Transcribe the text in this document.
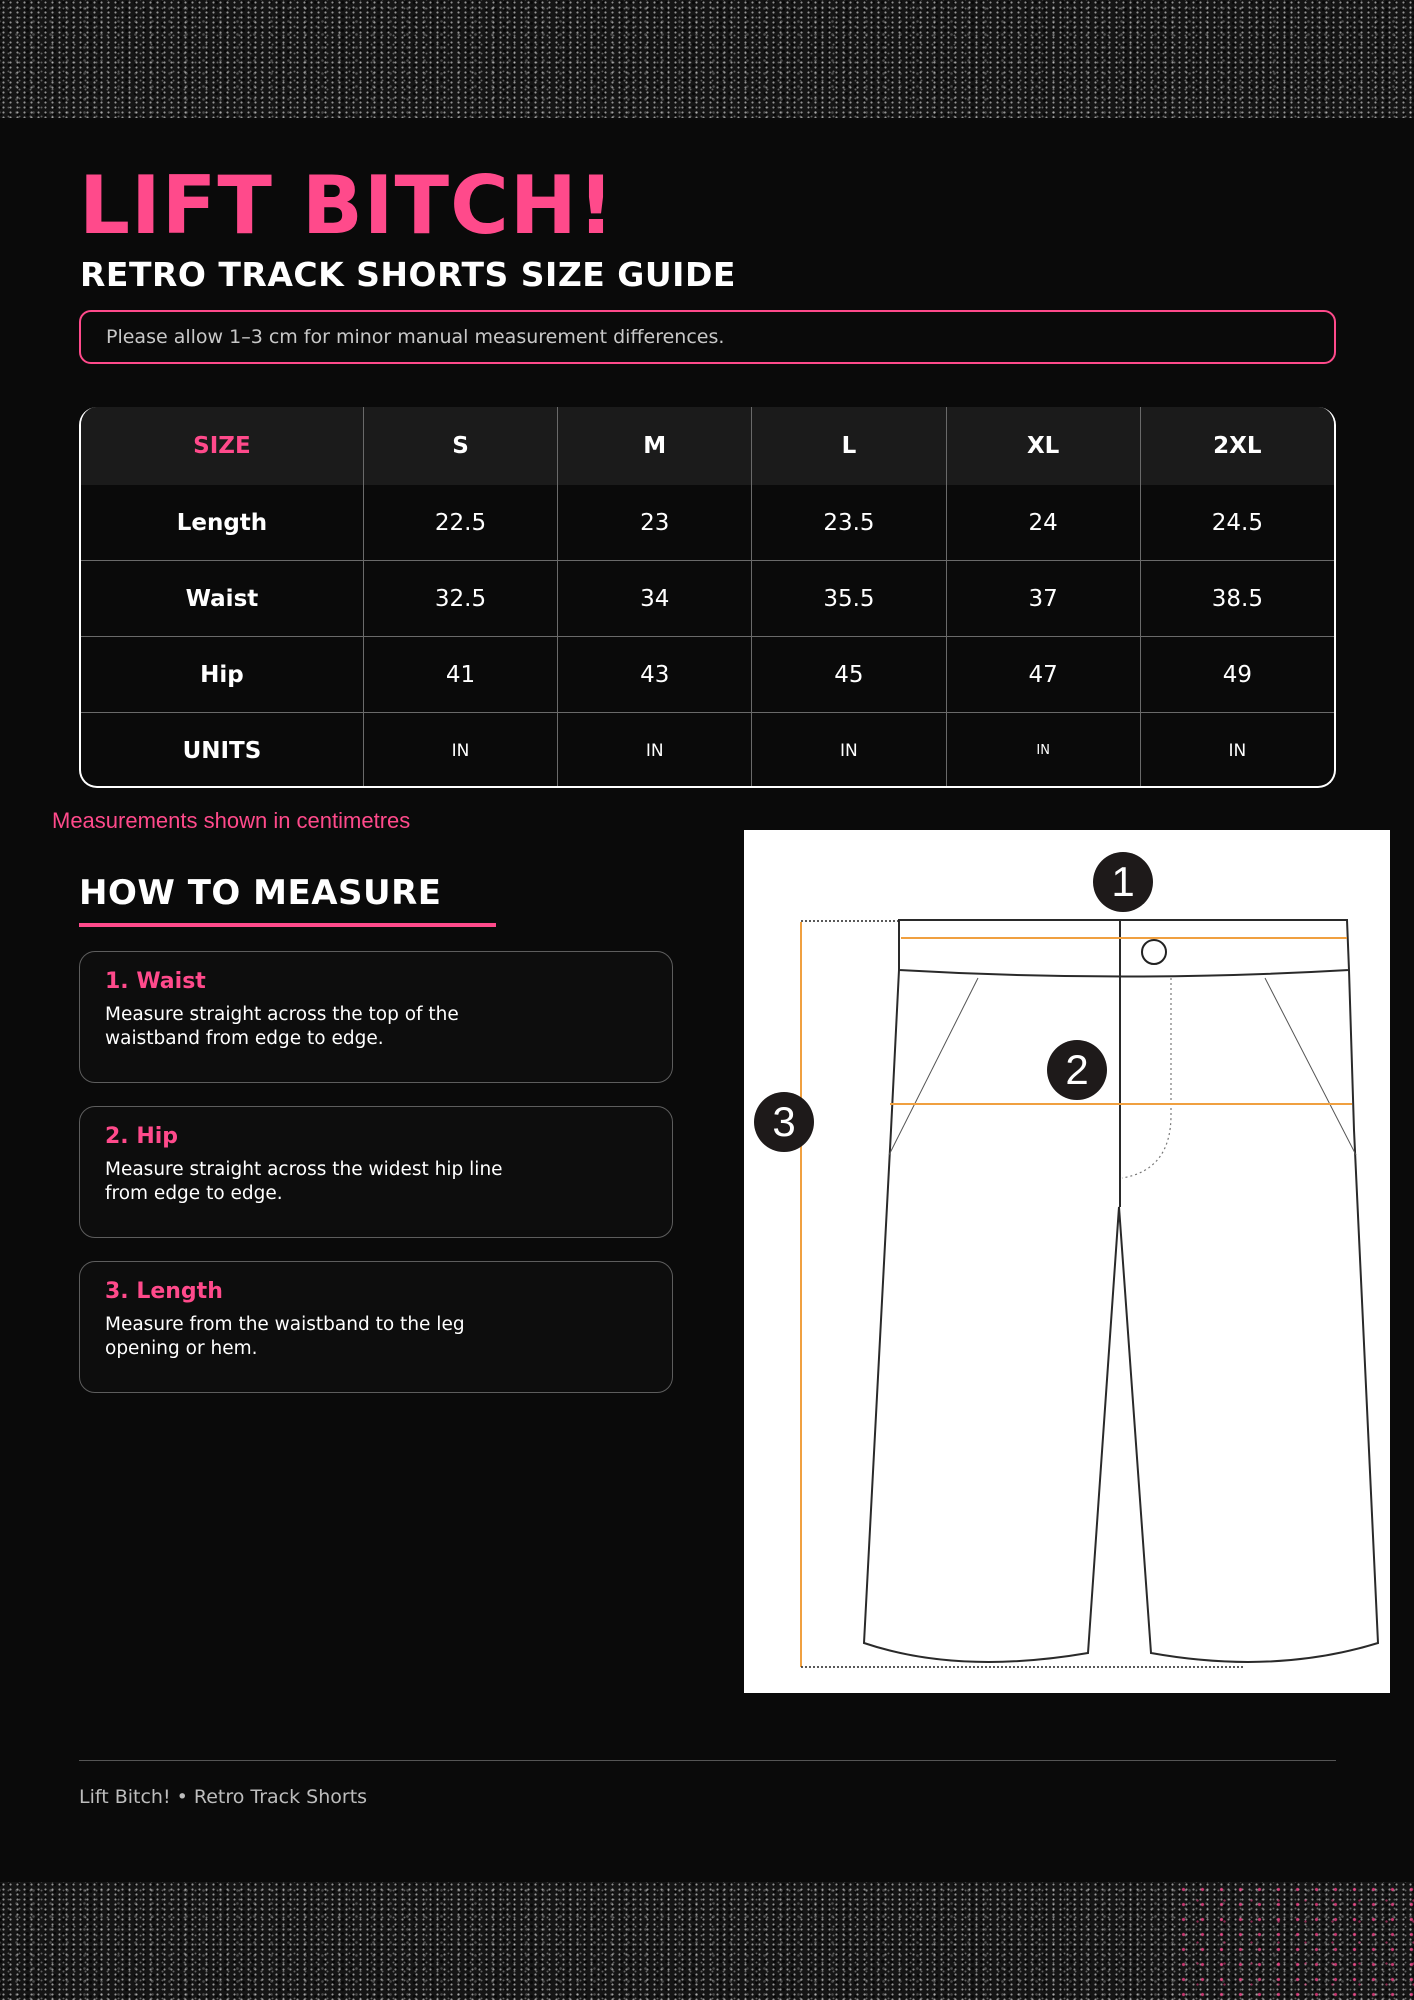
LIFT BITCH!
RETRO TRACK SHORTS SIZE GUIDE
Please allow 1–3 cm for minor manual measurement differences.
SIZE	S	M	L	XL	2XL
Length	22.5	23	23.5	24	24.5
Waist	32.5	34	35.5	37	38.5
Hip	41	43	45	47	49
UNITS	IN	IN	IN	IN	IN
Measurements shown in centimetres
HOW TO MEASURE
1. Waist
Measure straight across the top of the waistband from edge to edge.
2. Hip
Measure straight across the widest hip line from edge to edge.
3. Length
Measure from the waistband to the leg opening or hem.
1
2
3
Lift Bitch! • Retro Track Shorts
